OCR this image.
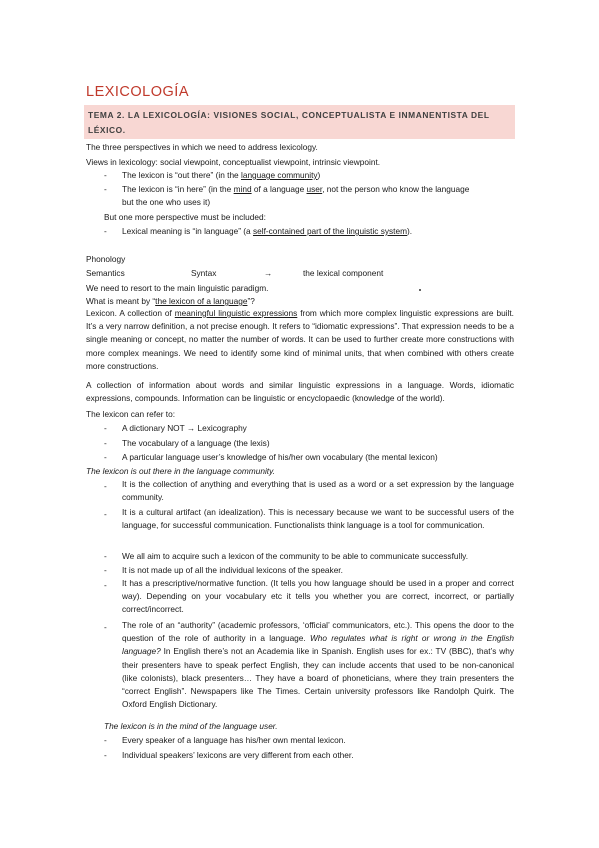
LEXICOLOGÍA
TEMA 2. LA LEXICOLOGÍA: VISIONES SOCIAL, CONCEPTUALISTA E INMANENTISTA DEL LÉXICO.
The three perspectives in which we need to address lexicology.
Views in lexicology: social viewpoint, conceptualist viewpoint, intrinsic viewpoint.
- The lexicon is “out there” (in the language community)
- The lexicon is “in here” (in the mind of a language user, not the person who know the language
but the one who uses it)
But one more perspective must be included:
- Lexical meaning is “in language” (a self-contained part of the linguistic system).
Phonology
Semantics	Syntax	→	the lexical component
We need to resort to the main linguistic paradigm.
What is meant by “the lexicon of a language”?
Lexicon. A collection of meaningful linguistic expressions from which more complex linguistic expressions are built. It’s a very narrow definition, a not precise enough. It refers to “idiomatic expressions”. That expression needs to be a single meaning or concept, no matter the number of words. It can be used to further create more constructions with more complex meanings. We need to identify some kind of minimal units, that when combined with others create more constructions.
A collection of information about words and similar linguistic expressions in a language. Words, idiomatic expressions, compounds. Information can be linguistic or encyclopaedic (knowledge of the world).
The lexicon can refer to:
- A dictionary NOT → Lexicography
- The vocabulary of a language (the lexis)
- A particular language user’s knowledge of his/her own vocabulary (the mental lexicon)
The lexicon is out there in the language community.
- It is the collection of anything and everything that is used as a word or a set expression by the language community.
- It is a cultural artifact (an idealization). This is necessary because we want to be successful users of the language, for successful communication. Functionalists think language is a tool for communication.
- We all aim to acquire such a lexicon of the community to be able to communicate successfully.
- It is not made up of all the individual lexicons of the speaker.
- It has a prescriptive/normative function. (It tells you how language should be used in a proper and correct way). Depending on your vocabulary etc it tells you whether you are correct, incorrect, or partially correct/incorrect.
- The role of an “authority” (academic professors, ‘official’ communicators, etc.). This opens the door to the question of the role of authority in a language. Who regulates what is right or wrong in the English language? In English there’s not an Academia like in Spanish. English uses for ex.: TV (BBC), that’s why their presenters have to speak perfect English, they can include accents that used to be non-canonical (like colonists), black presenters… They have a board of phoneticians, where they train presenters the “correct English”. Newspapers like The Times. Certain university professors like Randolph Quirk. The Oxford English Dictionary.
The lexicon is in the mind of the language user.
- Every speaker of a language has his/her own mental lexicon.
- Individual speakers’ lexicons are very different from each other.
